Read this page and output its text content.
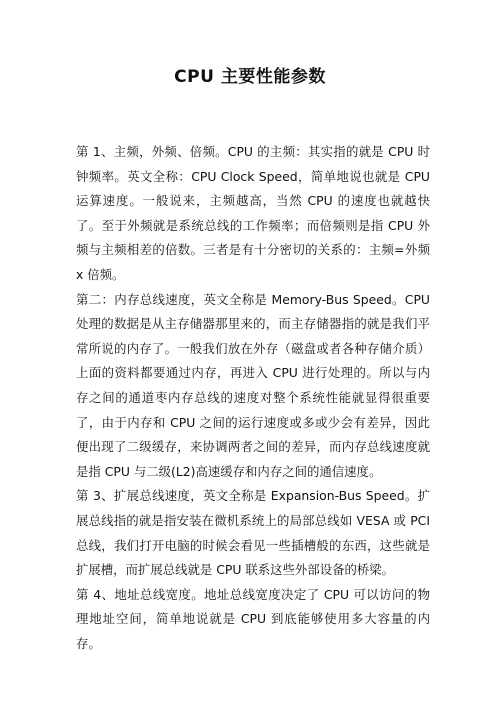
CPU 主要性能参数

第 1、主频，外频、倍频。CPU 的主频：其实指的就是 CPU 时钟频率。英文全称：CPU Clock Speed，简单地说也就是 CPU 运算速度。一般说来，主频越高，当然 CPU 的速度也就越快了。至于外频就是系统总线的工作频率；而倍频则是指 CPU 外频与主频相差的倍数。三者是有十分密切的关系的：主频=外频 x 倍频。

第二：内存总线速度，英文全称是 Memory-Bus Speed。CPU 处理的数据是从主存储器那里来的，而主存储器指的就是我们平常所说的内存了。一般我们放在外存（磁盘或者各种存储介质）上面的资料都要通过内存，再进入 CPU 进行处理的。所以与内存之间的通道枣内存总线的速度对整个系统性能就显得很重要了，由于内存和 CPU 之间的运行速度或多或少会有差异，因此便出现了二级缓存，来协调两者之间的差异，而内存总线速度就是指 CPU 与二级(L2)高速缓存和内存之间的通信速度。

第 3、扩展总线速度，英文全称是 Expansion-Bus Speed。扩展总线指的就是指安装在微机系统上的局部总线如 VESA 或 PCI 总线，我们打开电脑的时候会看见一些插槽般的东西，这些就是扩展槽，而扩展总线就是 CPU 联系这些外部设备的桥梁。

第 4、地址总线宽度。地址总线宽度决定了 CPU 可以访问的物理地址空间，简单地说就是 CPU 到底能够使用多大容量的内存。
